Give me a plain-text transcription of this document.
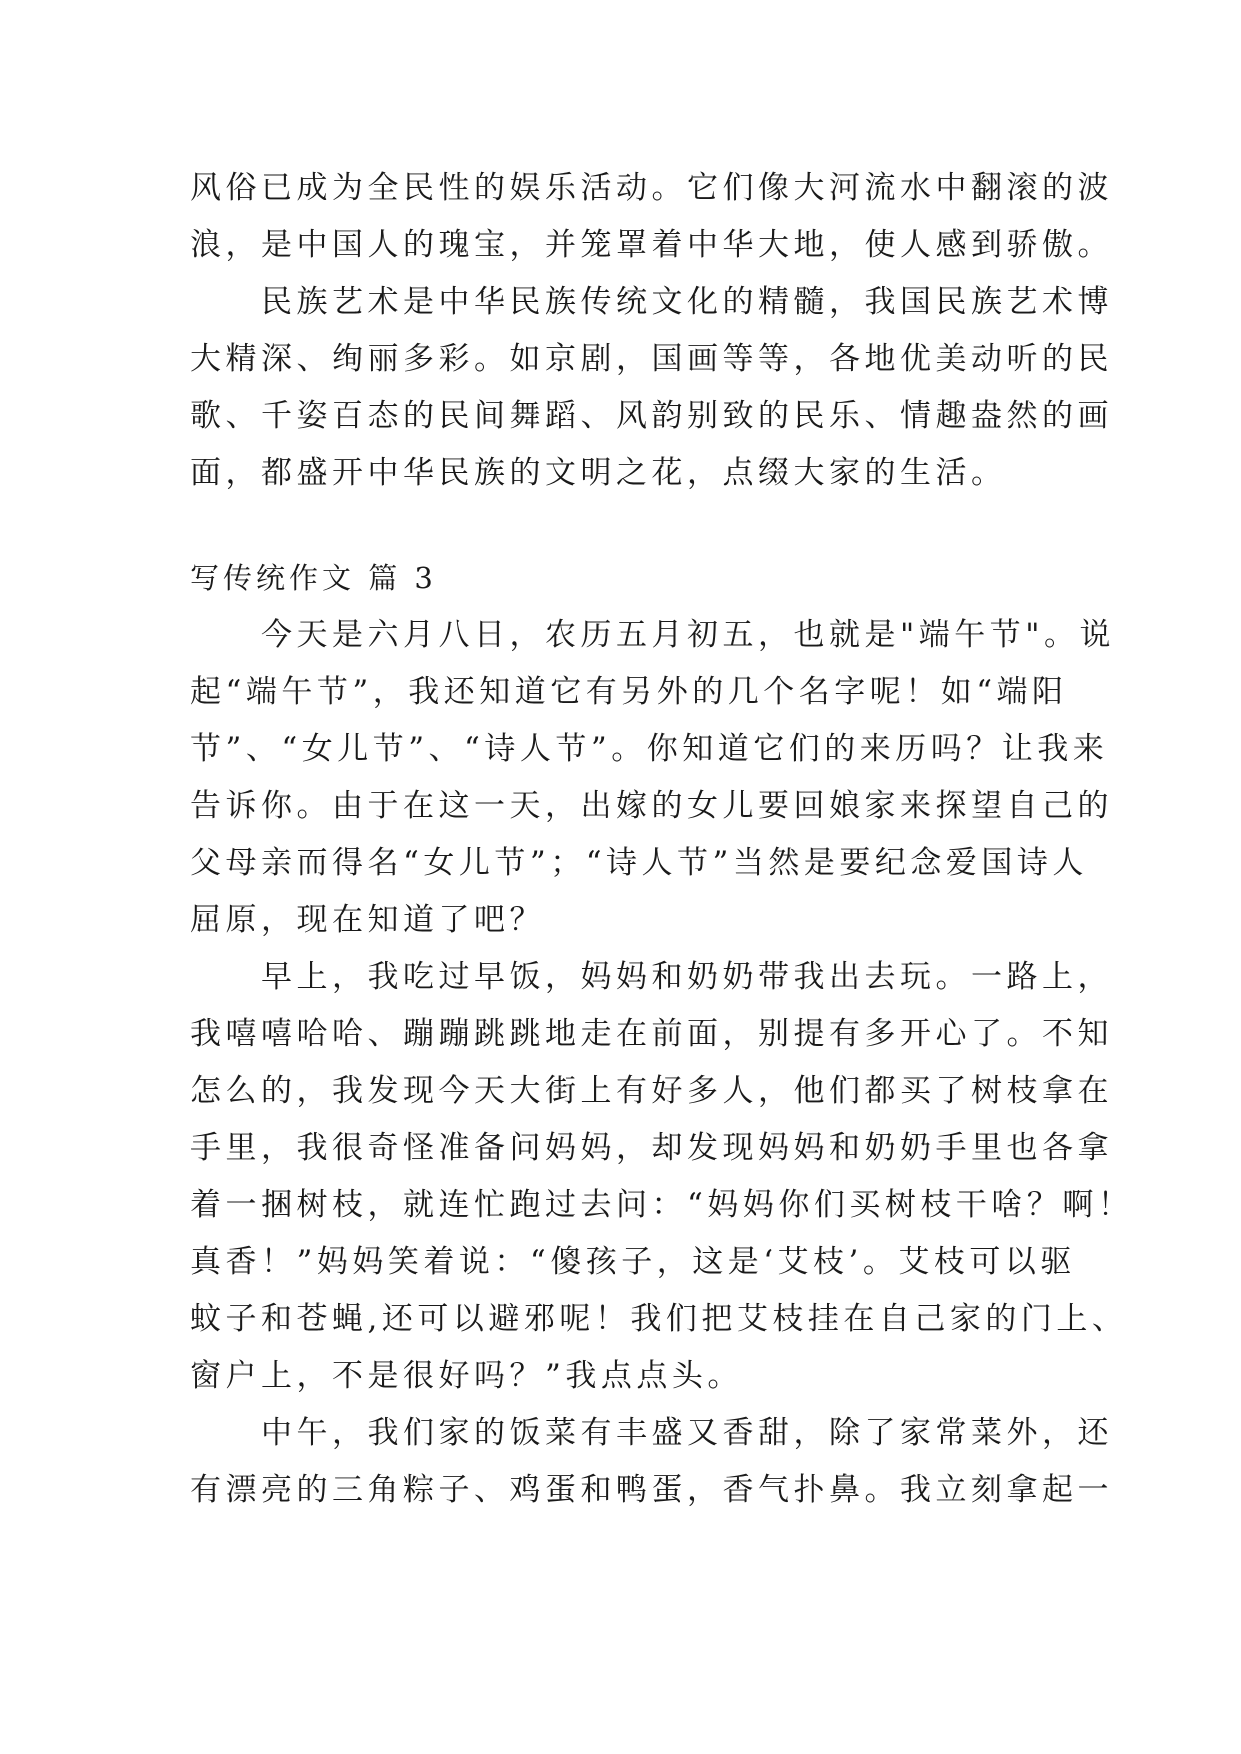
风俗已成为全民性的娱乐活动。它们像大河流水中翻滚的波
浪，是中国人的瑰宝，并笼罩着中华大地，使人感到骄傲。
　　民族艺术是中华民族传统文化的精髓，我国民族艺术博
大精深、绚丽多彩。如京剧，国画等等，各地优美动听的民
歌、千姿百态的民间舞蹈、风韵别致的民乐、情趣盎然的画
面，都盛开中华民族的文明之花，点缀大家的生活。
写传统作文 篇 3
　　今天是六月八日，农历五月初五，也就是"端午节"。说
起“端午节”，我还知道它有另外的几个名字呢！如“端阳
节”、“女儿节”、“诗人节”。你知道它们的来历吗？让我来
告诉你。由于在这一天，出嫁的女儿要回娘家来探望自己的
父母亲而得名“女儿节”；“诗人节”当然是要纪念爱国诗人
屈原，现在知道了吧？
　　早上，我吃过早饭，妈妈和奶奶带我出去玩。一路上，
我嘻嘻哈哈、蹦蹦跳跳地走在前面，别提有多开心了。不知
怎么的，我发现今天大街上有好多人，他们都买了树枝拿在
手里，我很奇怪准备问妈妈，却发现妈妈和奶奶手里也各拿
着一捆树枝，就连忙跑过去问：“妈妈你们买树枝干啥？啊！
真香！”妈妈笑着说：“傻孩子，这是‘艾枝’。艾枝可以驱
蚊子和苍蝇,还可以避邪呢！我们把艾枝挂在自己家的门上、
窗户上，不是很好吗？”我点点头。
　　中午，我们家的饭菜有丰盛又香甜，除了家常菜外，还
有漂亮的三角粽子、鸡蛋和鸭蛋，香气扑鼻。我立刻拿起一
